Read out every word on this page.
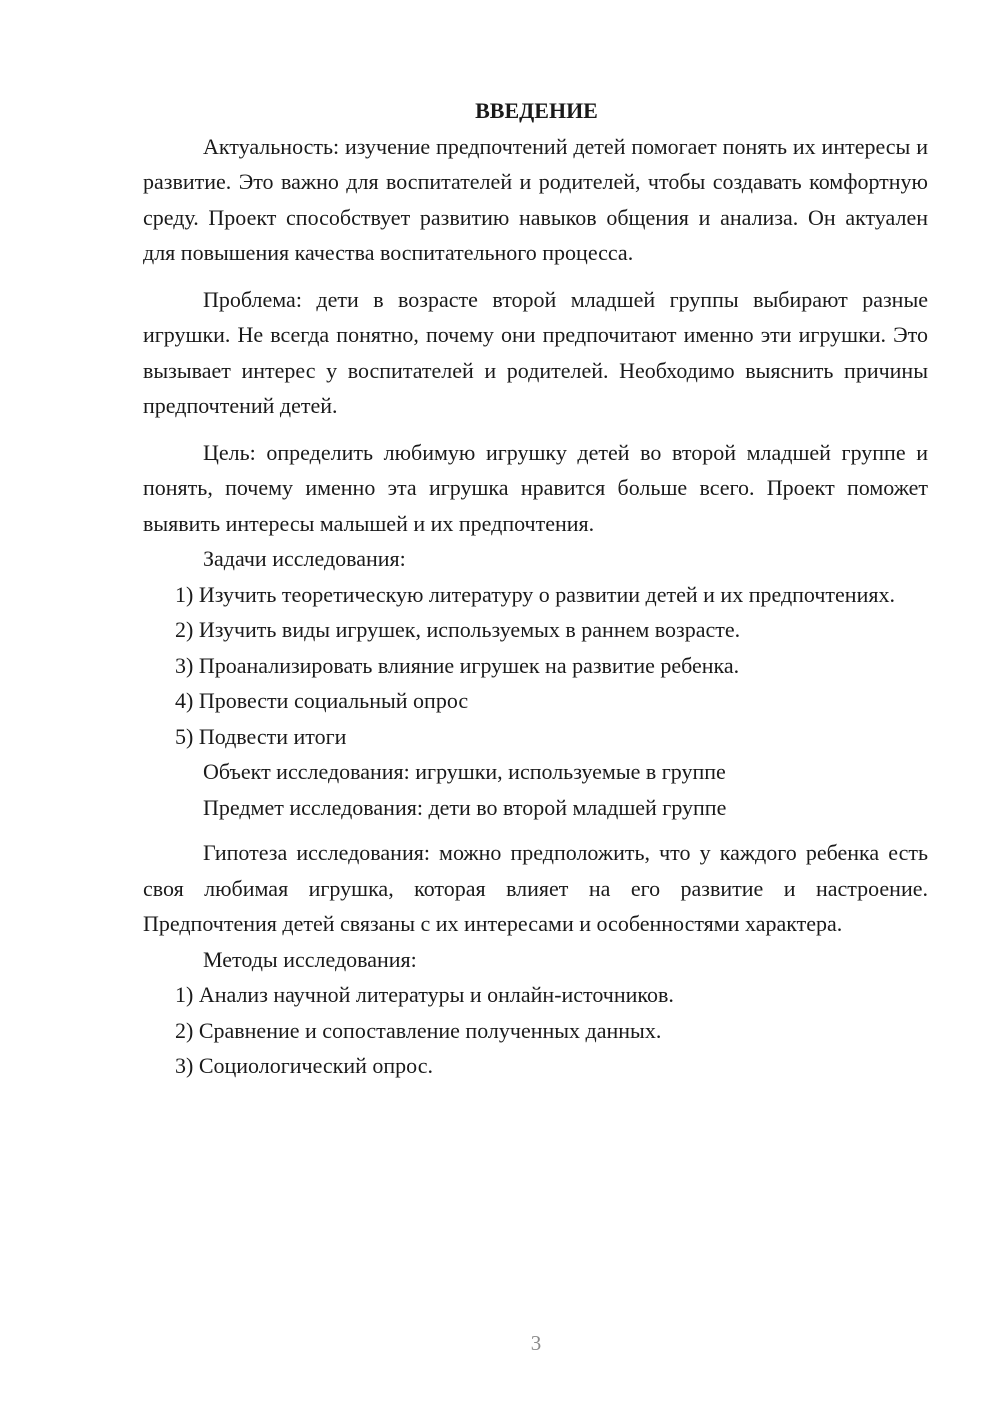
ВВЕДЕНИЕ

Актуальность: изучение предпочтений детей помогает понять их интересы и развитие. Это важно для воспитателей и родителей, чтобы создавать комфортную среду. Проект способствует развитию навыков общения и анализа. Он актуален для повышения качества воспитательного процесса.

Проблема: дети в возрасте второй младшей группы выбирают разные игрушки. Не всегда понятно, почему они предпочитают именно эти игрушки. Это вызывает интерес у воспитателей и родителей. Необходимо выяснить причины предпочтений детей.

Цель: определить любимую игрушку детей во второй младшей группе и понять, почему именно эта игрушка нравится больше всего. Проект поможет выявить интересы малышей и их предпочтения.

Задачи исследования:

1) Изучить теоретическую литературу о развитии детей и их предпочтениях.

2) Изучить виды игрушек, используемых в раннем возрасте.

3) Проанализировать влияние игрушек на развитие ребенка.

4) Провести социальный опрос

5) Подвести итоги

Объект исследования: игрушки, используемые в группе

Предмет исследования: дети во второй младшей группе

Гипотеза исследования: можно предположить, что у каждого ребенка есть своя любимая игрушка, которая влияет на его развитие и настроение. Предпочтения детей связаны с их интересами и особенностями характера.

Методы исследования:

1) Анализ научной литературы и онлайн-источников.

2) Сравнение и сопоставление полученных данных.

3) Социологический опрос.

3
